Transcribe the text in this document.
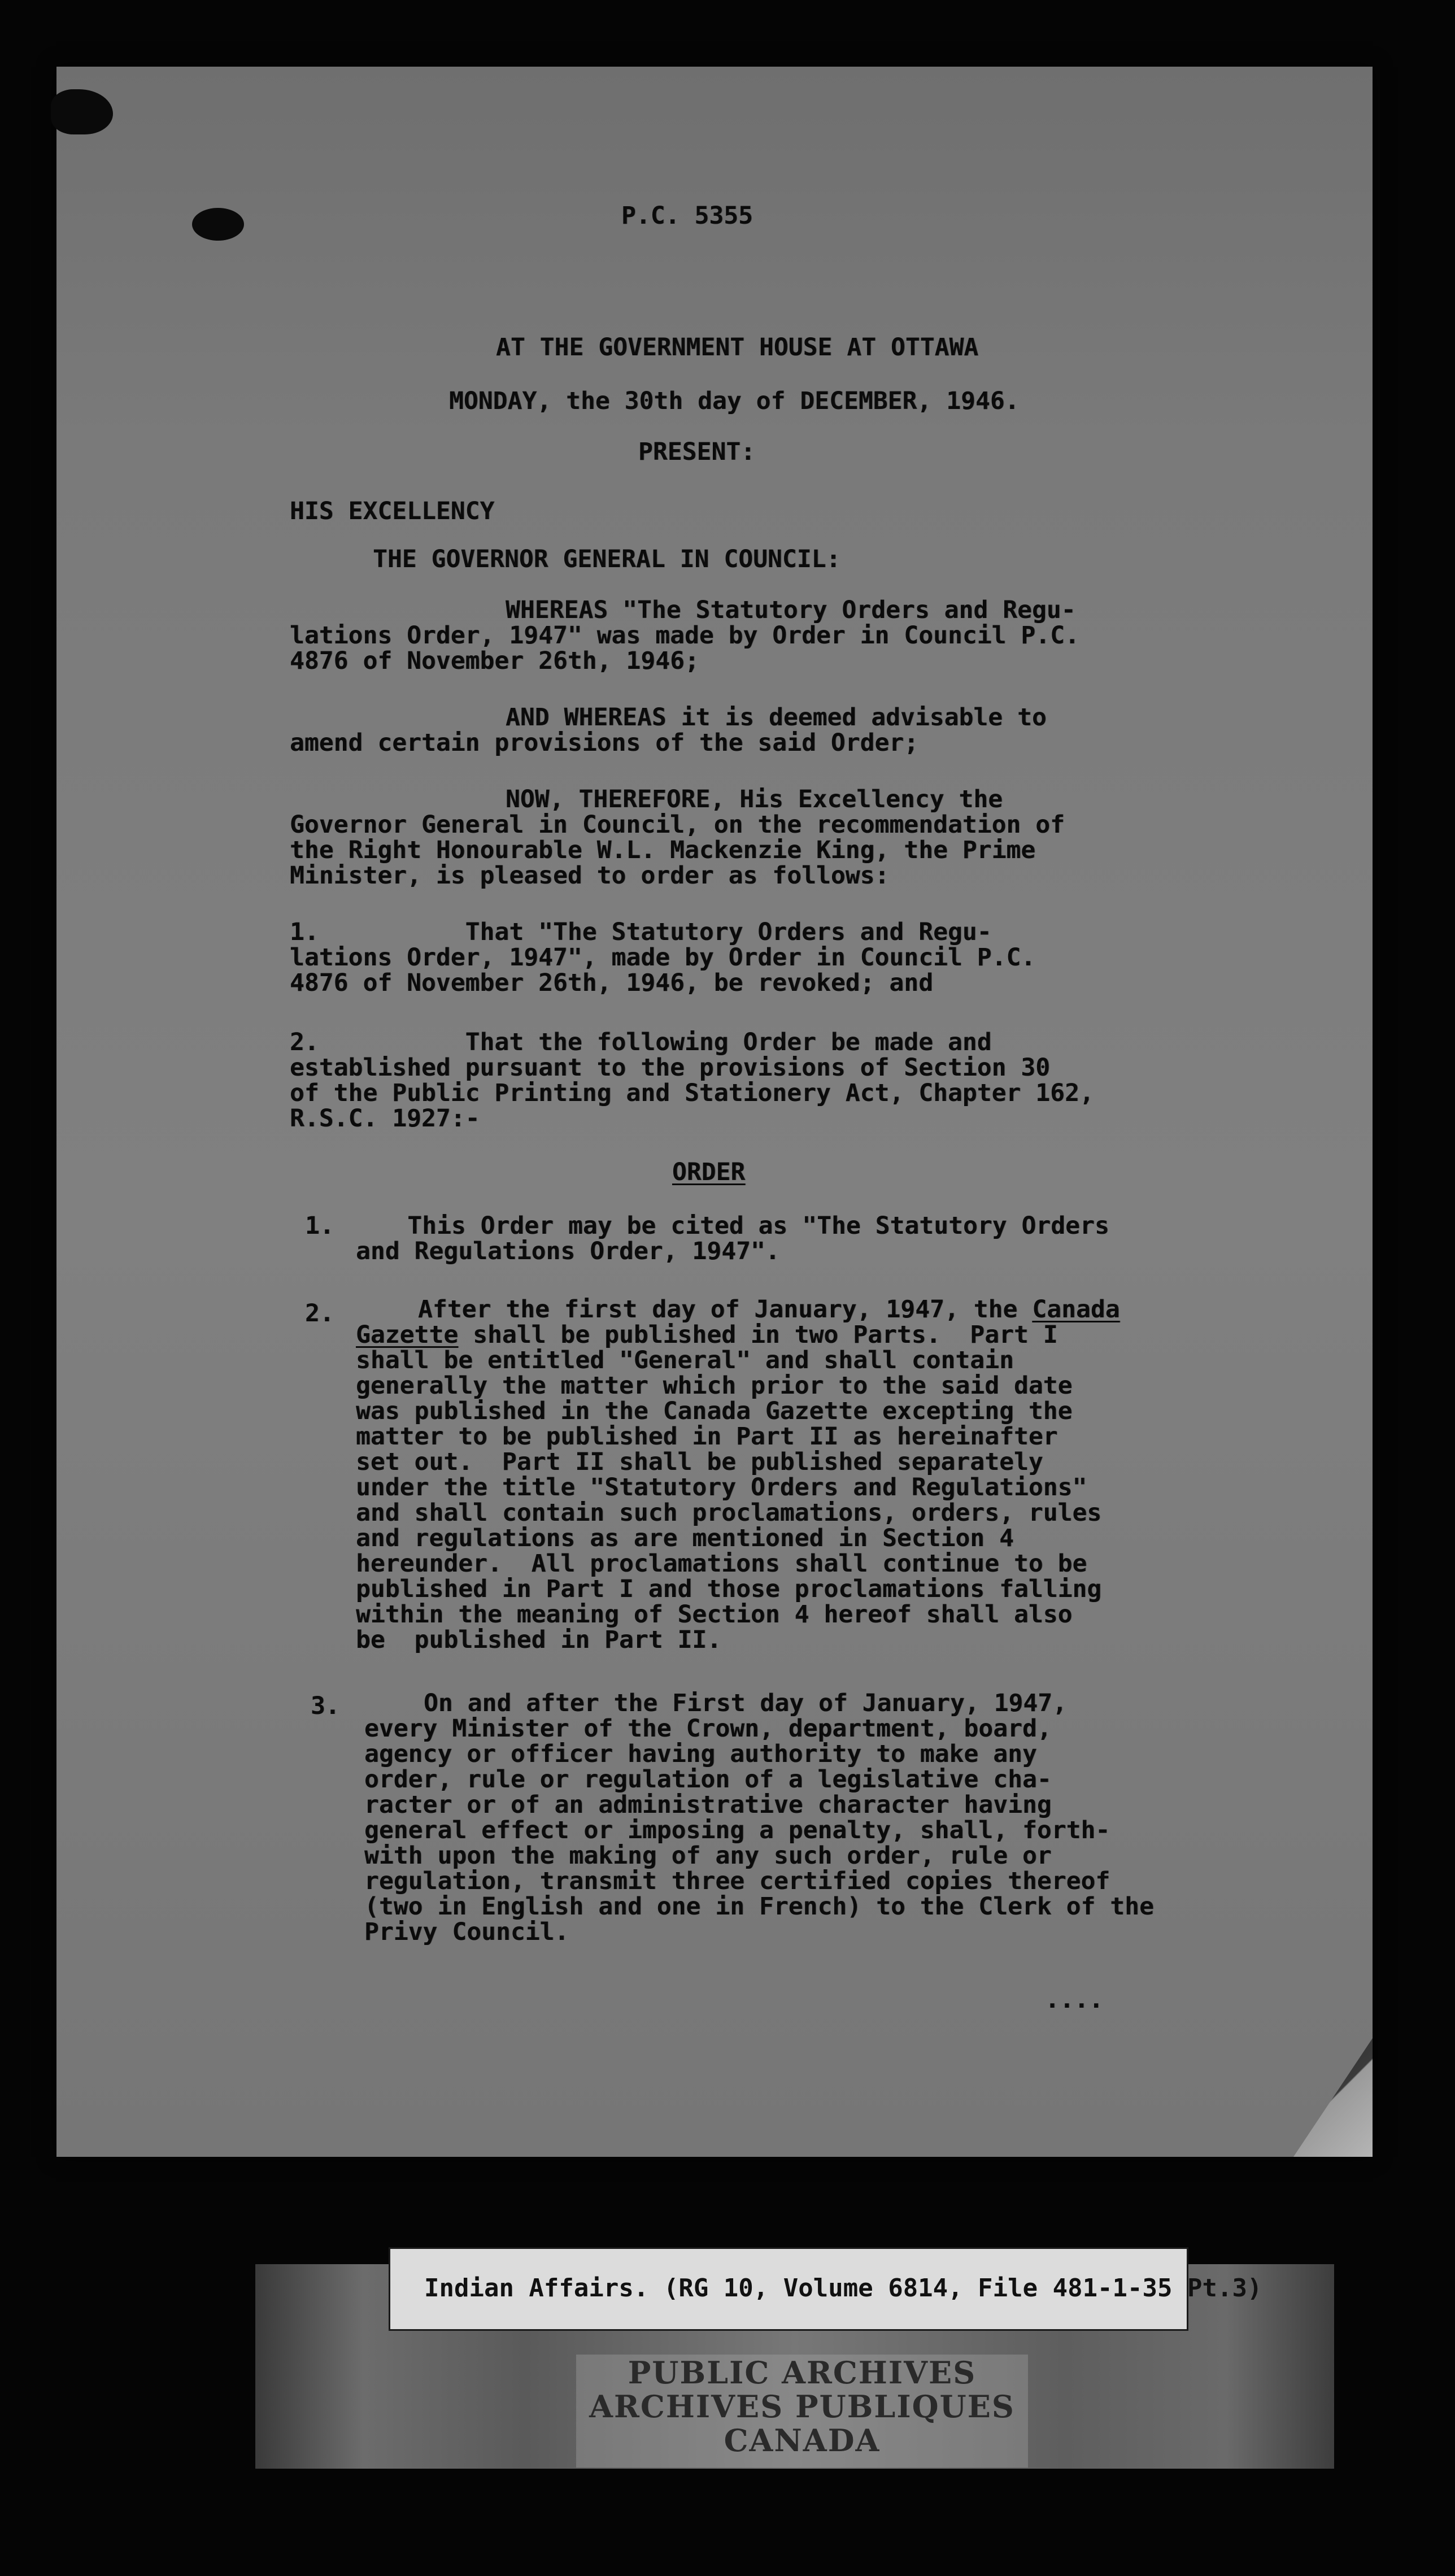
P.C. 5355
AT THE GOVERNMENT HOUSE AT OTTAWA
MONDAY, the 30th day of DECEMBER, 1946.
PRESENT:
HIS EXCELLENCY
THE GOVERNOR GENERAL IN COUNCIL:
WHEREAS "The Statutory Orders and Regu-
lations Order, 1947" was made by Order in Council P.C.
4876 of November 26th, 1946;
AND WHEREAS it is deemed advisable to
amend certain provisions of the said Order;
NOW, THEREFORE, His Excellency the
Governor General in Council, on the recommendation of
the Right Honourable W.L. Mackenzie King, the Prime
Minister, is pleased to order as follows:
1.          That "The Statutory Orders and Regu-
lations Order, 1947", made by Order in Council P.C.
4876 of November 26th, 1946, be revoked; and
2.          That the following Order be made and
established pursuant to the provisions of Section 30
of the Public Printing and Stationery Act, Chapter 162,
R.S.C. 1927:-
ORDER
1.     This Order may be cited as "The Statutory Orders
and Regulations Order, 1947".
2.	After the first day of January, 1947, the Canada
Gazette shall be published in two Parts.  Part I
shall be entitled "General" and shall contain
generally the matter which prior to the said date
was published in the Canada Gazette excepting the
matter to be published in Part II as hereinafter
set out.  Part II shall be published separately
under the title "Statutory Orders and Regulations"
and shall contain such proclamations, orders, rules
and regulations as are mentioned in Section 4
hereunder.  All proclamations shall continue to be
published in Part I and those proclamations falling
within the meaning of Section 4 hereof shall also
be  published in Part II.
3.	On and after the First day of January, 1947,
every Minister of the Crown, department, board,
agency or officer having authority to make any
order, rule or regulation of a legislative cha-
racter or of an administrative character having
general effect or imposing a penalty, shall, forth-
with upon the making of any such order, rule or
regulation, transmit three certified copies thereof
(two in English and one in French) to the Clerk of the
Privy Council.
....
Indian Affairs. (RG 10, Volume 6814, File 481-1-35 Pt.3)
PUBLIC ARCHIVES
ARCHIVES PUBLIQUES
CANADA
